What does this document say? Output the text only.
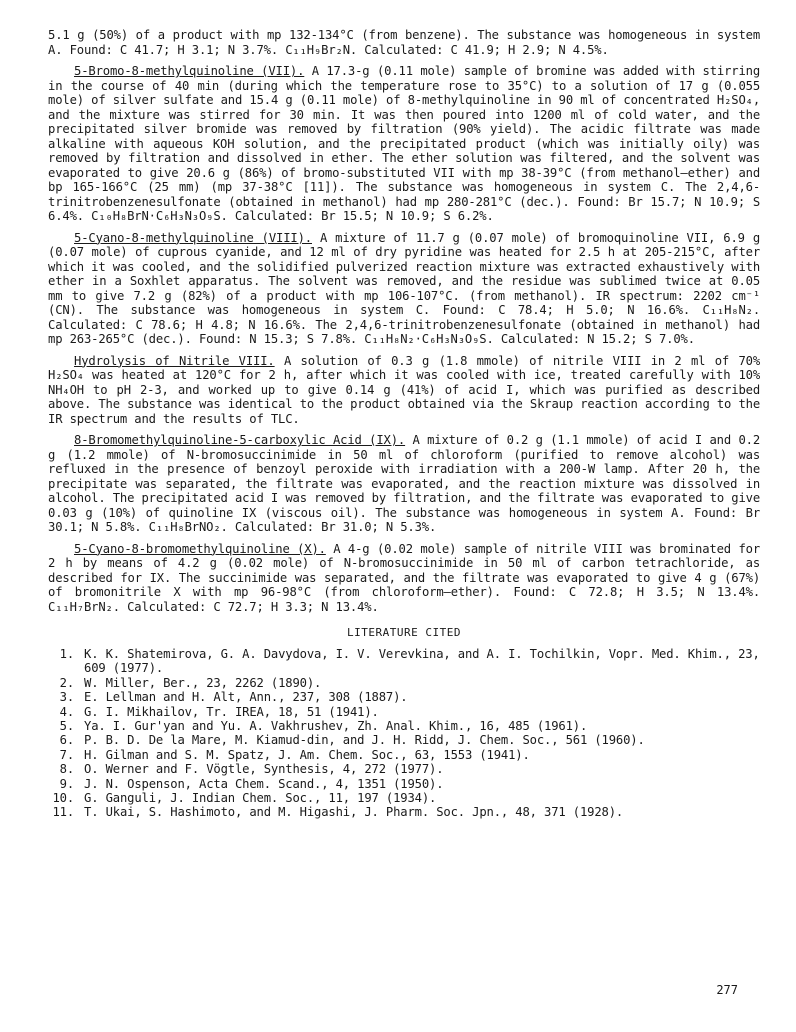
5.1 g (50%) of a product with mp 132-134°C (from benzene). The substance was homogeneous in system A. Found: C 41.7; H 3.1; N 3.7%. C₁₁H₉Br₂N. Calculated: C 41.9; H 2.9; N 4.5%.

5-Bromo-8-methylquinoline (VII). A 17.3-g (0.11 mole) sample of bromine was added with stirring in the course of 40 min (during which the temperature rose to 35°C) to a solution of 17 g (0.055 mole) of silver sulfate and 15.4 g (0.11 mole) of 8-methylquinoline in 90 ml of concentrated H₂SO₄, and the mixture was stirred for 30 min. It was then poured into 1200 ml of cold water, and the precipitated silver bromide was removed by filtration (90% yield). The acidic filtrate was made alkaline with aqueous KOH solution, and the precipitated product (which was initially oily) was removed by filtration and dissolved in ether. The ether solution was filtered, and the solvent was evaporated to give 20.6 g (86%) of bromo-substituted VII with mp 38-39°C (from methanol—ether) and bp 165-166°C (25 mm) (mp 37-38°C [11]). The substance was homogeneous in system C. The 2,4,6-trinitrobenzenesulfonate (obtained in methanol) had mp 280-281°C (dec.). Found: Br 15.7; N 10.9; S 6.4%. C₁₀H₈BrN·C₆H₃N₃O₉S. Calculated: Br 15.5; N 10.9; S 6.2%.

5-Cyano-8-methylquinoline (VIII). A mixture of 11.7 g (0.07 mole) of bromoquinoline VII, 6.9 g (0.07 mole) of cuprous cyanide, and 12 ml of dry pyridine was heated for 2.5 h at 205-215°C, after which it was cooled, and the solidified pulverized reaction mixture was extracted exhaustively with ether in a Soxhlet apparatus. The solvent was removed, and the residue was sublimed twice at 0.05 mm to give 7.2 g (82%) of a product with mp 106-107°C. (from methanol). IR spectrum: 2202 cm⁻¹ (CN). The substance was homogeneous in system C. Found: C 78.4; H 5.0; N 16.6%. C₁₁H₈N₂. Calculated: C 78.6; H 4.8; N 16.6%. The 2,4,6-trinitrobenzenesulfonate (obtained in methanol) had mp 263-265°C (dec.). Found: N 15.3; S 7.8%. C₁₁H₈N₂·C₆H₃N₃O₉S. Calculated: N 15.2; S 7.0%.

Hydrolysis of Nitrile VIII. A solution of 0.3 g (1.8 mmole) of nitrile VIII in 2 ml of 70% H₂SO₄ was heated at 120°C for 2 h, after which it was cooled with ice, treated carefully with 10% NH₄OH to pH 2-3, and worked up to give 0.14 g (41%) of acid I, which was purified as described above. The substance was identical to the product obtained via the Skraup reaction according to the IR spectrum and the results of TLC.

8-Bromomethylquinoline-5-carboxylic Acid (IX). A mixture of 0.2 g (1.1 mmole) of acid I and 0.2 g (1.2 mmole) of N-bromosuccinimide in 50 ml of chloroform (purified to remove alcohol) was refluxed in the presence of benzoyl peroxide with irradiation with a 200-W lamp. After 20 h, the precipitate was separated, the filtrate was evaporated, and the reaction mixture was dissolved in alcohol. The precipitated acid I was removed by filtration, and the filtrate was evaporated to give 0.03 g (10%) of quinoline IX (viscous oil). The substance was homogeneous in system A. Found: Br 30.1; N 5.8%. C₁₁H₈BrNO₂. Calculated: Br 31.0; N 5.3%.

5-Cyano-8-bromomethylquinoline (X). A 4-g (0.02 mole) sample of nitrile VIII was brominated for 2 h by means of 4.2 g (0.02 mole) of N-bromosuccinimide in 50 ml of carbon tetrachloride, as described for IX. The succinimide was separated, and the filtrate was evaporated to give 4 g (67%) of bromonitrile X with mp 96-98°C (from chloroform—ether). Found: C 72.8; H 3.5; N 13.4%. C₁₁H₇BrN₂. Calculated: C 72.7; H 3.3; N 13.4%.

LITERATURE CITED
1. K. K. Shatemirova, G. A. Davydova, I. V. Verevkina, and A. I. Tochilkin, Vopr. Med. Khim., 23, 609 (1977).
2. W. Miller, Ber., 23, 2262 (1890).
3. E. Lellman and H. Alt, Ann., 237, 308 (1887).
4. G. I. Mikhailov, Tr. IREA, 18, 51 (1941).
5. Ya. I. Gur'yan and Yu. A. Vakhrushev, Zh. Anal. Khim., 16, 485 (1961).
6. P. B. D. De la Mare, M. Kiamud-din, and J. H. Ridd, J. Chem. Soc., 561 (1960).
7. H. Gilman and S. M. Spatz, J. Am. Chem. Soc., 63, 1553 (1941).
8. O. Werner and F. Vögtle, Synthesis, 4, 272 (1977).
9. J. N. Ospenson, Acta Chem. Scand., 4, 1351 (1950).
10. G. Ganguli, J. Indian Chem. Soc., 11, 197 (1934).
11. T. Ukai, S. Hashimoto, and M. Higashi, J. Pharm. Soc. Jpn., 48, 371 (1928).
277
